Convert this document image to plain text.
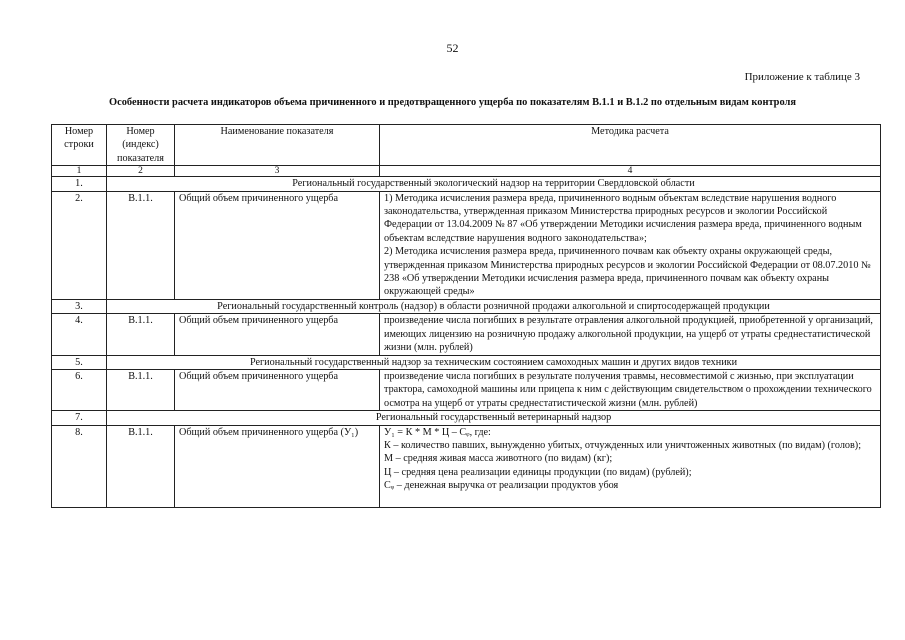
52
Приложение к таблице 3
Особенности расчета индикаторов объема причиненного и предотвращенного ущерба по показателям В.1.1 и В.1.2 по отдельным видам контроля
Номер
строки	Номер
(индекс)
показателя	Наименование показателя	Методика расчета
1	2	3	4
1.	Региональный государственный экологический надзор на территории Свердловской области		
2.	В.1.1.	Общий объем причиненного ущерба	1) Методика исчисления размера вреда, причиненного водным объектам вследствие нарушения водного законодательства, утвержденная приказом Министерства природных ресурсов и экологии Российской Федерации от 13.04.2009 № 87 «Об утверждении Методики исчисления размера вреда, причиненного водным объектам вследствие нарушения водного законодательства»;

2) Методика исчисления размера вреда, причиненного почвам как объекту охраны окружающей среды, утвержденная приказом Министерства природных ресурсов и экологии Российской Федерации от 08.07.2010 № 238 «Об утверждении Методики исчисления размера вреда, причиненного почвам как объекту охраны окружающей среды»

3.	Региональный государственный контроль (надзор) в области розничной продажи алкогольной и спиртосодержащей продукции		
4.	В.1.1.	Общий объем причиненного ущерба	произведение числа погибших в результате отравления алкогольной продукцией, приобретенной у организаций, имеющих лицензию на розничную продажу алкогольной продукции, на ущерб от утраты среднестатистической жизни (млн. рублей)
5.	Региональный государственный надзор за техническим состоянием самоходных машин и других видов техники		
6.	В.1.1.	Общий объем причиненного ущерба	произведение числа погибших в результате получения травмы, несовместимой с жизнью, при эксплуатации трактора, самоходной машины или прицепа к ним с действующим свидетельством о прохождении технического осмотра на ущерб от утраты среднестатистической жизни (млн. рублей)
7.	Региональный государственный ветеринарный надзор		
8.	В.1.1.	Общий объем причиненного ущерба (У₁)	У₁ = К * М * Ц – Сᵩ, где:

К – количество павших, вынужденно убитых, отчужденных или уничтоженных животных (по видам) (голов);

М – средняя живая масса животного (по видам) (кг);

Ц – средняя цена реализации единицы продукции (по видам) (рублей);

Сᵩ – денежная выручка от реализации продуктов убоя
